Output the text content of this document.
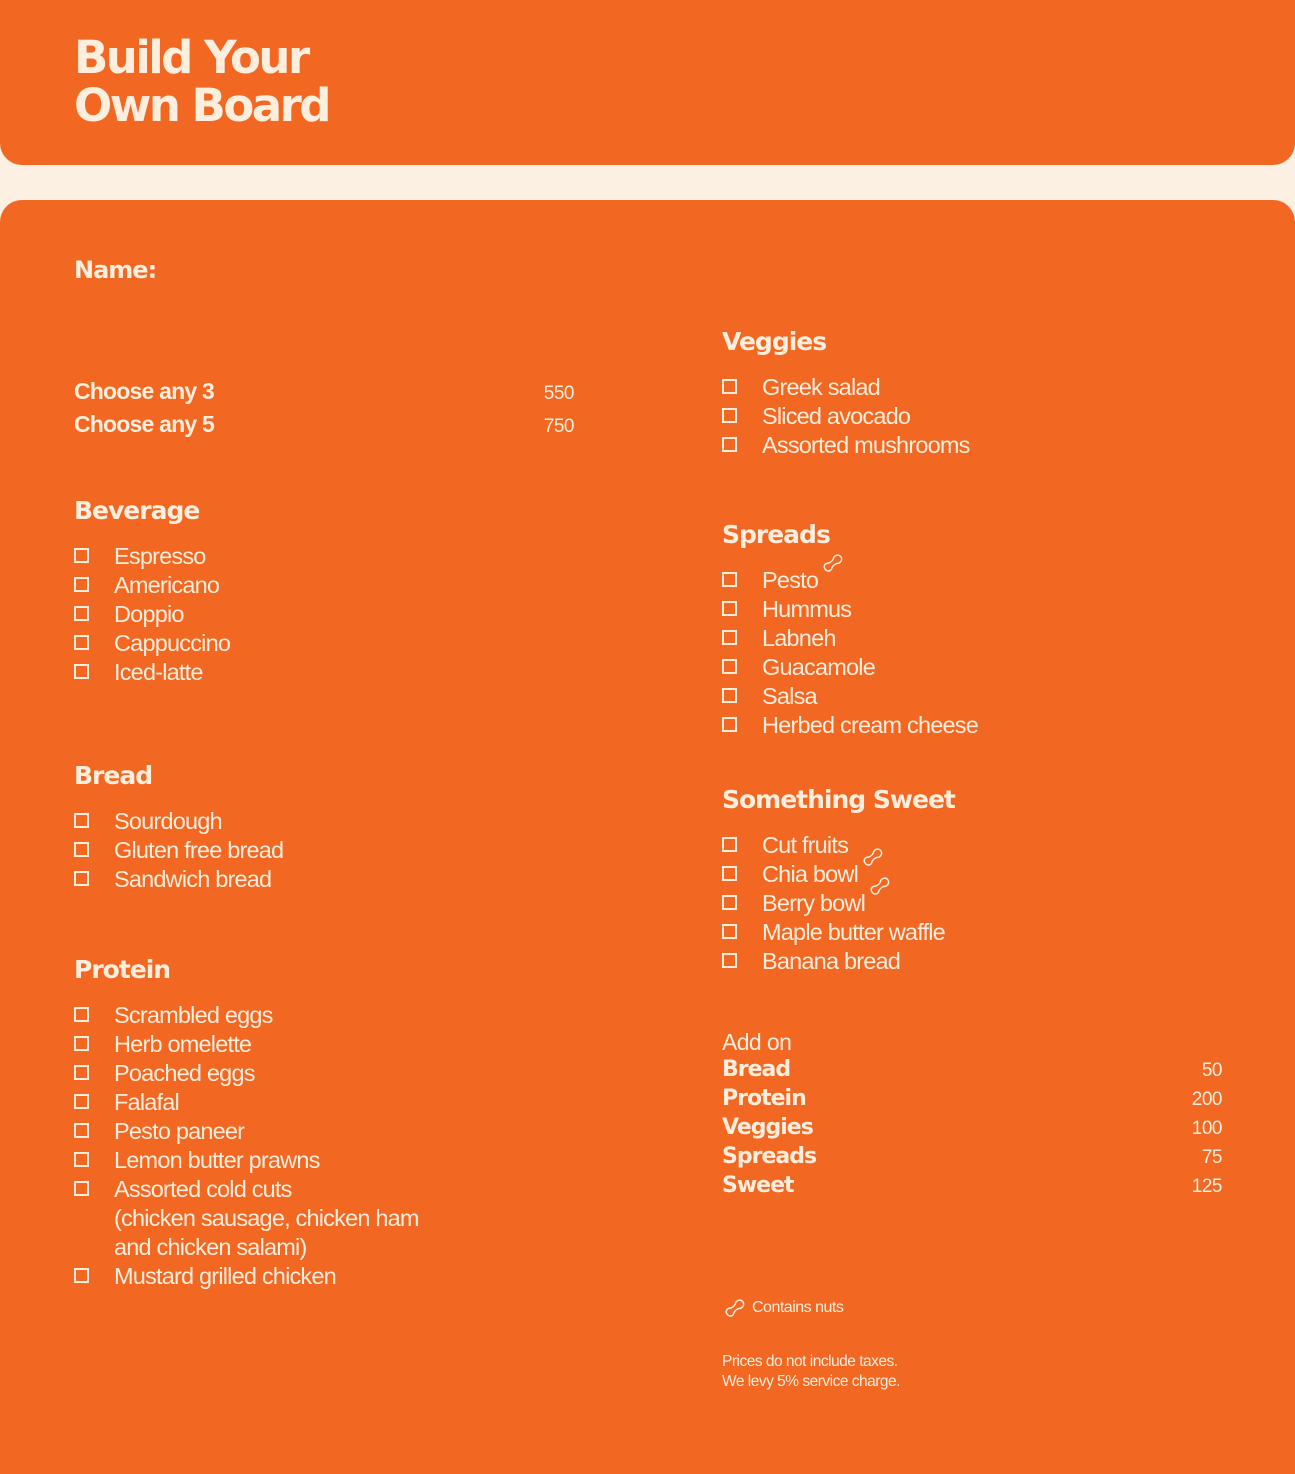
Build Your
Own Board
Name:
Choose any 3	550
Choose any 5	750
Beverage
Espresso
Americano
Doppio
Cappuccino
Iced-latte
Bread
Sourdough
Gluten free bread
Sandwich bread
Protein
Scrambled eggs
Herb omelette
Poached eggs
Falafal
Pesto paneer
Lemon butter prawns
Assorted cold cuts
(chicken sausage, chicken ham
and chicken salami)
Mustard grilled chicken
Veggies
Greek salad
Sliced avocado
Assorted mushrooms
Spreads
Pesto
Hummus
Labneh
Guacamole
Salsa
Herbed cream cheese
Something Sweet
Cut fruits
Chia bowl
Berry bowl
Maple butter waffle
Banana bread
Add on
Bread	50
Protein	200
Veggies	100
Spreads	75
Sweet	125
Contains nuts
Prices do not include taxes.
We levy 5% service charge.
